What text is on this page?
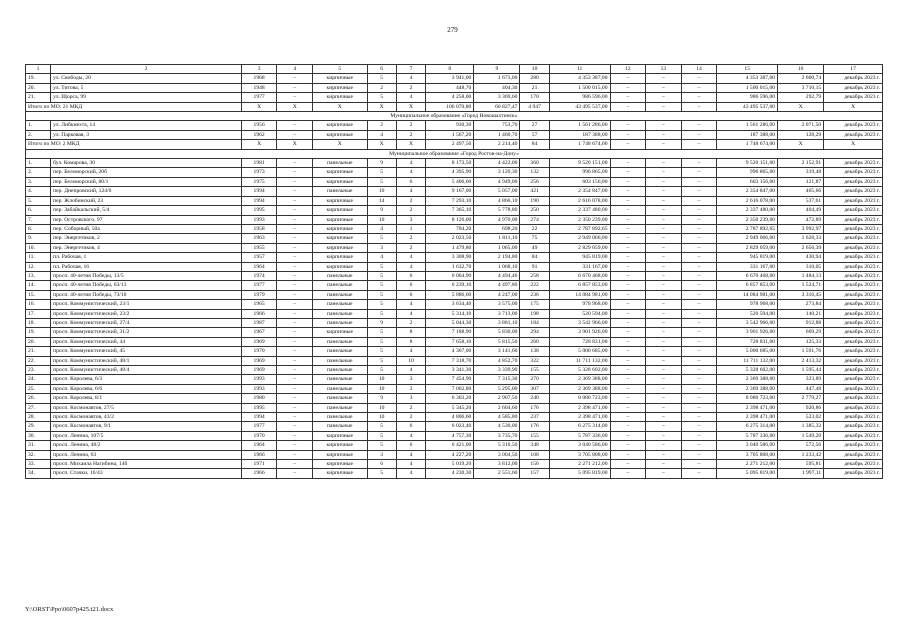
279
1	2	3	4	5	6	7	8	9	10	11	12	13	14	15	16	17
19.	ул. Свободы, 20	1968	–	кирпичные	5	4	3 941,00	1 673,00	280	4 353 387,00	–	–	–	4 353 387,00	2 600,74	декабрь 2023 г.
20.	ул. Титова, 5	1948	–	кирпичные	2	2	448,70	404,30	21	1 500 015,00	–	–	–	1 500 015,00	3 710,15	декабрь 2023 г.
21.	ул. Щорса, 99	1977	–	кирпичные	5	4	4 258,00	3 369,60	170	986 596,00	–	–	–	986 596,00	292,79	декабрь 2023 г.
Итого по МО: 21 МКД		X	X	X	X	X	106 070,80	60 827,47	4 947	43 495 537,00	–	–	–	43 495 537,00	X	X
Муниципальное образование «Город Новошахтинск»																
1.	ул. Либкнехта, 14	1956	–	кирпичные	2	2	930,30	753,70	27	1 561 286,00	–	–	–	1 561 286,00	2 071,50	декабрь 2023 г.
2.	ул. Парковая, 3	1962	–	кирпичные	4	2	1 567,20	1 460,70	57	187 388,00	–	–	–	187 388,00	128,29	декабрь 2023 г.
Итого по МО: 2 МКД		X	X	X	X	X	2 497,50	2 214,40	84	1 748 674,00	–	–	–	1 748 674,00	X	X
Муниципальное образование «Город Ростов-на-Дону»																
1.	бул. Комарова, 30	1981	–	панельные	9	4	8 173,50	4 422,00	360	9 520 151,00	–	–	–	9 520 151,00	2 152,91	декабрь 2023 г.
2.	пер. Беломорский, 20б	1973	–	кирпичные	5	4	4 395,90	3 120,30	132	996 865,00	–	–	–	996 865,00	319,48	декабрь 2023 г.
3.	пер. Беломорский, 80/1	1975	–	кирпичные	5	6	5 406,60	4 949,00	256	603 156,00	–	–	–	603 156,00	121,87	декабрь 2023 г.
4.	пер. Днепровский, 124/6	1994	–	панельные	10	4	9 167,00	5 057,00	421	2 354 847,00	–	–	–	2 354 847,00	465,66	декабрь 2023 г.
5.	пер. Жлобинский, 23	1994	–	кирпичные	14	2	7 293,10	4 866,10	190	2 616 078,00	–	–	–	2 616 078,00	537,61	декабрь 2023 г.
6.	пер. Забайкальский, 5/4	1995	–	кирпичные	9	2	7 365,10	5 778,80	250	2 337 480,00	–	–	–	2 337 480,00	404,49	декабрь 2023 г.
7.	пер. Островского, 97	1993	–	кирпичные	10	3	8 126,00	4 970,00	274	2 350 239,00	–	–	–	2 350 239,00	472,89	декабрь 2023 г.
8.	пер. Соборный, 50а	1958	–	кирпичные	4	1	704,20	698,20	22	2 787 892,65	–	–	–	2 787 892,65	3 992,97	декабрь 2023 г.
9.	пер. Энергетиков, 2	1963	–	кирпичные	5	2	2 023,50	1 811,10	75	2 949 066,00	–	–	–	2 949 066,00	1 628,33	декабрь 2023 г.
10.	пер. Энергетиков, 4	1955	–	кирпичные	3	2	1 479,80	1 065,00	49	2 829 059,00	–	–	–	2 829 059,00	2 656,39	декабрь 2023 г.
11.	пл. Рабочая, 1	1957	–	кирпичные	4	4	3 308,90	2 194,80	84	945 819,00	–	–	–	945 819,00	430,94	декабрь 2023 г.
12.	пл. Рабочая, 16	1964	–	кирпичные	5	4	1 632,70	1 068,10	91	331 167,00	–	–	–	331 167,00	310,05	декабрь 2023 г.
13.	просп. 40-летия Победы, 13/5	1974	–	панельные	5	6	6 064,90	4 494,46	258	6 670 468,00	–	–	–	6 670 468,00	1 484,13	декабрь 2023 г.
14.	просп. 40-летия Победы, 63/13	1977	–	панельные	5	6	6 239,10	4 497,80	222	6 857 853,00	–	–	–	6 857 853,00	1 524,71	декабрь 2023 г.
15.	просп. 40-летия Победы, 73/10	1979	–	панельные	5	6	5 886,60	4 247,00	236	14 084 981,00	–	–	–	14 084 981,00	3 316,45	декабрь 2023 г.
16.	просп. Коммунистический, 23/1	1965	–	панельные	5	4	3 634,40	3 575,00	175	978 968,00	–	–	–	978 968,00	273,84	декабрь 2023 г.
17.	просп. Коммунистический, 23/2	1966	–	панельные	5	4	5 314,10	3 713,00	198	520 594,00	–	–	–	520 594,00	140,21	декабрь 2023 г.
18.	просп. Коммунистический, 27/4	1987	–	панельные	9	2	5 044,30	3 881,10	184	3 542 966,00	–	–	–	3 542 966,00	912,88	декабрь 2023 г.
19.	просп. Коммунистический, 31/2	1967	–	кирпичные	5	8	7 188,90	5 830,00	294	3 901 926,00	–	–	–	3 901 926,00	669,29	декабрь 2023 г.
20.	просп. Коммунистический, 44	1969	–	панельные	5	8	7 658,10	5 815,50	260	728 831,00	–	–	–	728 831,00	125,33	декабрь 2023 г.
21.	просп. Коммунистический, 45	1970	–	панельные	5	4	4 367,00	3 141,60	138	5 000 685,00	–	–	–	5 000 685,00	1 591,76	декабрь 2023 г.
22.	просп. Коммунистический, 48/1	1969	–	панельные	5	10	7 318,70	4 852,70	322	11 711 132,00	–	–	–	11 711 132,00	2 413,32	декабрь 2023 г.
23.	просп. Коммунистический, 48/4	1969	–	панельные	5	4	3 341,30	3 339,90	155	5 328 602,00	–	–	–	5 328 602,00	1 595,44	декабрь 2023 г.
24.	просп. Королева, 6/3	1993	–	панельные	10	3	7 454,90	7 315,30	270	2 369 388,00	–	–	–	2 369 388,00	323,89	декабрь 2023 г.
25.	просп. Королева, 6/6	1993	–	панельные	10	3	7 062,80	5 295,00	307	2 369 388,00	–	–	–	2 369 388,00	447,48	декабрь 2023 г.
26.	просп. Королева, 8/1	1980	–	панельные	9	3	6 303,20	2 907,50	240	8 080 723,00	–	–	–	8 080 723,00	2 779,27	декабрь 2023 г.
27.	просп. Космонавтов, 27/5	1995	–	панельные	10	2	5 345,20	2 604,60	176	2 398 471,00	–	–	–	2 398 471,00	920,86	декабрь 2023 г.
28.	просп. Космонавтов, 43/2	1994	–	панельные	10	2	4 806,60	4 585,80	237	2 398 471,00	–	–	–	2 398 471,00	523,02	декабрь 2023 г.
29.	просп. Космонавтов, 9/1	1977	–	панельные	5	6	6 023,40	4 530,00	176	6 275 314,00	–	–	–	6 275 314,00	1 385,32	декабрь 2023 г.
30.	просп. Ленина, 107/5	1970	–	кирпичные	5	4	4 757,30	3 735,70	155	5 787 336,00	–	–	–	5 787 336,00	1 549,20	декабрь 2023 г.
31.	просп. Ленина, 48/2	1964	–	кирпичные	5	6	6 421,00	5 310,50	348	3 040 586,00	–	–	–	3 040 586,00	572,56	декабрь 2023 г.
32.	просп. Ленина, 63	1966	–	кирпичные	3	4	4 227,20	3 004,50	108	3 705 808,00	–	–	–	3 705 808,00	1 233,42	декабрь 2023 г.
33.	просп. Михаила Нагибина, 14б	1971	–	кирпичные	6	4	5 019,20	3 812,00	156	2 271 212,00	–	–	–	2 271 212,00	595,81	декабрь 2023 г.
34.	просп. Стачки, 16/43	1966	–	кирпичные	5	4	4 230,30	2 551,60	157	5 095 819,00	–	–	–	5 095 819,00	1 997,11	декабрь 2023 г.
Y:\ORST\Ppo\0607p425.t21.docx
